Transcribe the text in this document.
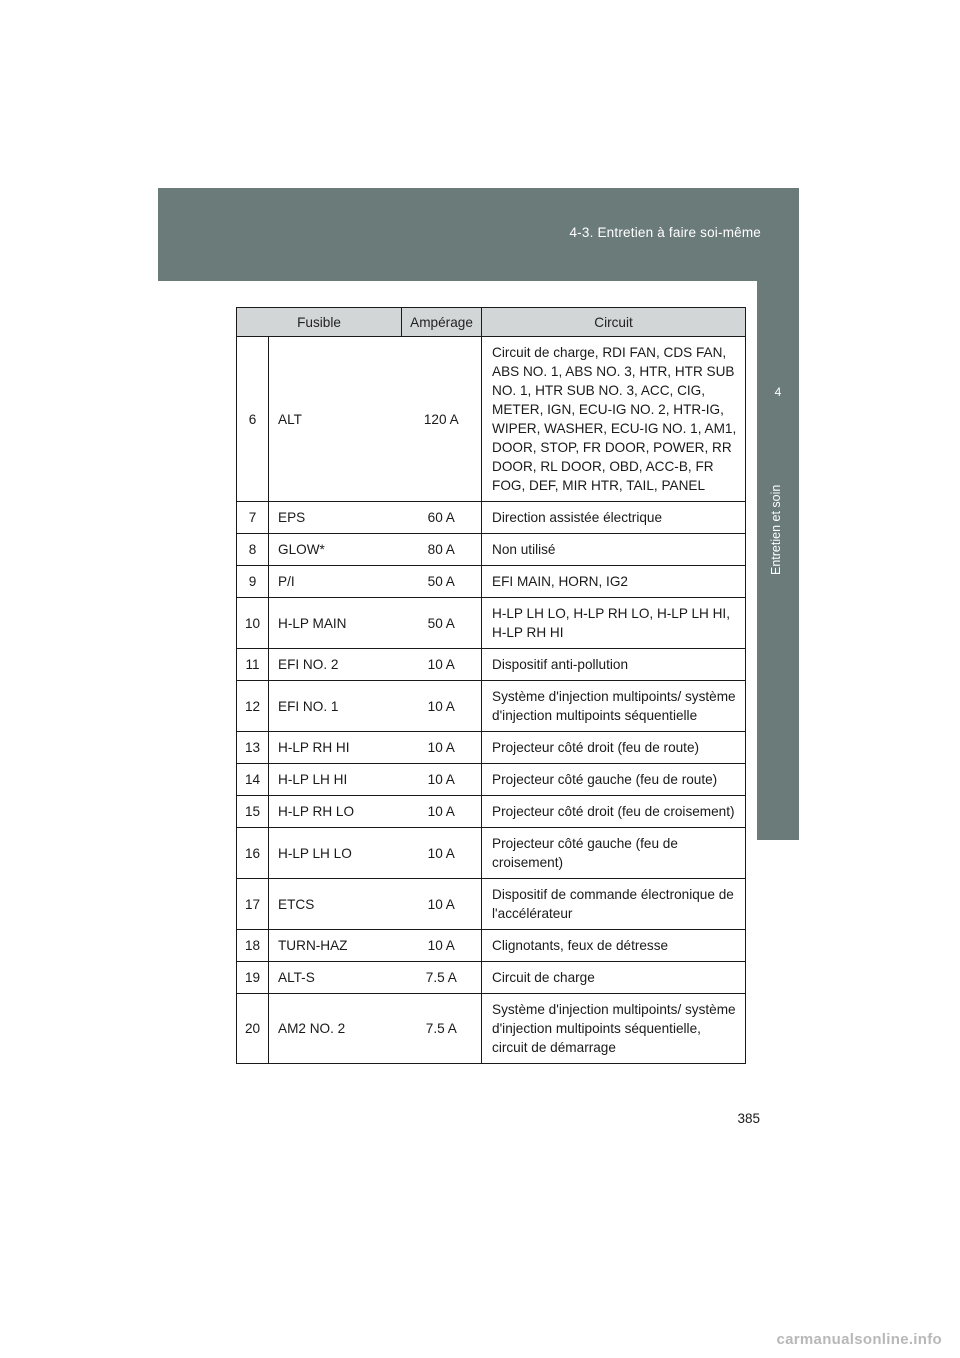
4-3. Entretien à faire soi-même
4
Entretien et soin
Fusible		Ampérage	Circuit
6	ALT	120 A	Circuit de charge, RDI FAN, CDS FAN, ABS NO. 1, ABS NO. 3, HTR, HTR SUB NO. 1, HTR SUB NO. 3, ACC, CIG, METER, IGN, ECU-IG NO. 2, HTR-IG, WIPER, WASHER, ECU-IG NO. 1, AM1, DOOR, STOP, FR DOOR, POWER, RR DOOR, RL DOOR, OBD, ACC-B, FR FOG, DEF, MIR HTR, TAIL, PANEL
7	EPS	60 A	Direction assistée électrique
8	GLOW*	80 A	Non utilisé
9	P/I	50 A	EFI MAIN, HORN, IG2
10	H-LP MAIN	50 A	H-LP LH LO, H-LP RH LO, H-LP LH HI, H-LP RH HI
11	EFI NO. 2	10 A	Dispositif anti-pollution
12	EFI NO. 1	10 A	Système d'injection multipoints/ système d'injection multipoints séquentielle
13	H-LP RH HI	10 A	Projecteur côté droit (feu de route)
14	H-LP LH HI	10 A	Projecteur côté gauche (feu de route)
15	H-LP RH LO	10 A	Projecteur côté droit (feu de croisement)
16	H-LP LH LO	10 A	Projecteur côté gauche (feu de croisement)
17	ETCS	10 A	Dispositif de commande électronique de l'accélérateur
18	TURN-HAZ	10 A	Clignotants, feux de détresse
19	ALT-S	7.5 A	Circuit de charge
20	AM2 NO. 2	7.5 A	Système d'injection multipoints/ système d'injection multipoints séquentielle, circuit de démarrage
385
carmanualsonline.info
